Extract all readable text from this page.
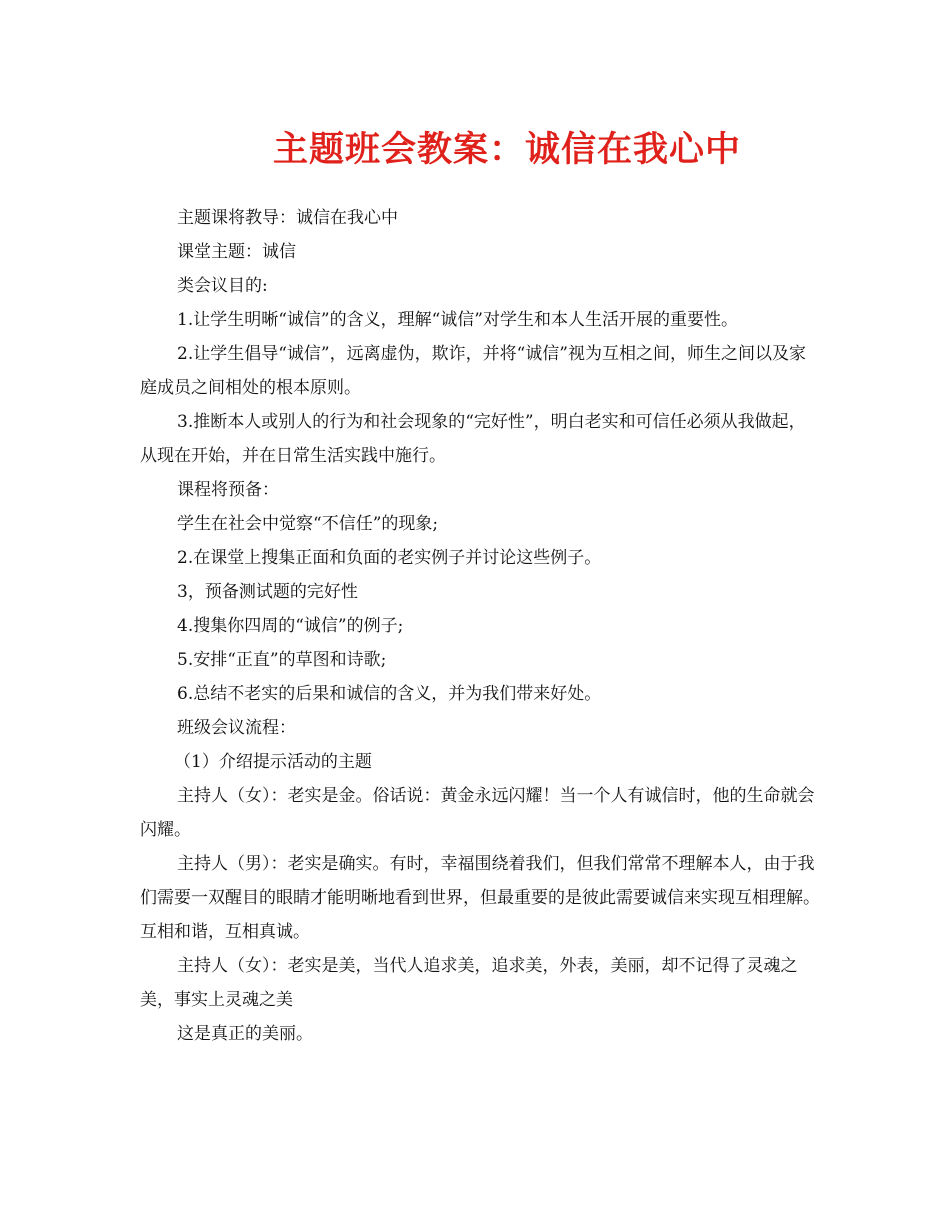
主题班会教案：诚信在我心中

主题课将教导：诚信在我心中

课堂主题：诚信

类会议目的:

1.让学生明晰“诚信”的含义，理解“诚信”对学生和本人生活开展的重要性。

2.让学生倡导“诚信”，远离虚伪，欺诈，并将“诚信”视为互相之间，师生之间以及家庭成员之间相处的根本原则。

3.推断本人或别人的行为和社会现象的“完好性”，明白老实和可信任必须从我做起，从现在开始，并在日常生活实践中施行。

课程将预备：

学生在社会中觉察“不信任”的现象;

2.在课堂上搜集正面和负面的老实例子并讨论这些例子。

3，预备测试题的完好性

4.搜集你四周的“诚信”的例子;

5.安排“正直”的草图和诗歌;

6.总结不老实的后果和诚信的含义，并为我们带来好处。

班级会议流程：

（1）介绍提示活动的主题

主持人（女）：老实是金。俗话说：黄金永远闪耀！当一个人有诚信时，他的生命就会闪耀。

主持人（男）：老实是确实。有时，幸福围绕着我们，但我们常常不理解本人，由于我们需要一双醒目的眼睛才能明晰地看到世界，但最重要的是彼此需要诚信来实现互相理解。互相和谐，互相真诚。

主持人（女）：老实是美，当代人追求美，追求美，外表，美丽，却不记得了灵魂之美，事实上灵魂之美

这是真正的美丽。
